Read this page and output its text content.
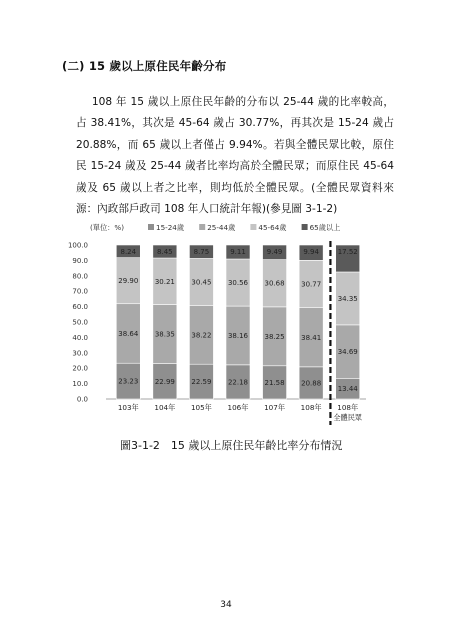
(二) 15 歲以上原住民年齡分布

108 年 15 歲以上原住民年齡的分布以 25-44 歲的比率較高，占 38.41%，其次是 45-64 歲占 30.77%，再其次是 15-24 歲占 20.88%，而 65 歲以上者僅占 9.94%。若與全體民眾比較，原住民 15-24 歲及 25-44 歲者比率均高於全體民眾；而原住民 45-64 歲及 65 歲以上者之比率，則均低於全體民眾。(全體民眾資料來源：內政部戶政司 108 年人口統計年報)(參見圖 3-1-2)

(單位：%)	15-24歲	25-44歲	45-64歲	65歲以上
0.0
10.0
20.0
30.0
40.0
50.0
60.0
70.0
80.0
90.0
100.0
23.23
38.64
29.90
8.24
103年
22.99
38.35
30.21
8.45
104年
22.59
38.22
30.45
8.75
105年
22.18
38.16
30.56
9.11
106年
21.58
38.25
30.68
9.49
107年
20.88
38.41
30.77
9.94
108年
13.44
34.69
34.35
17.52
108年
全體民眾
圖3-1-2　15 歲以上原住民年齡比率分布情況
34
